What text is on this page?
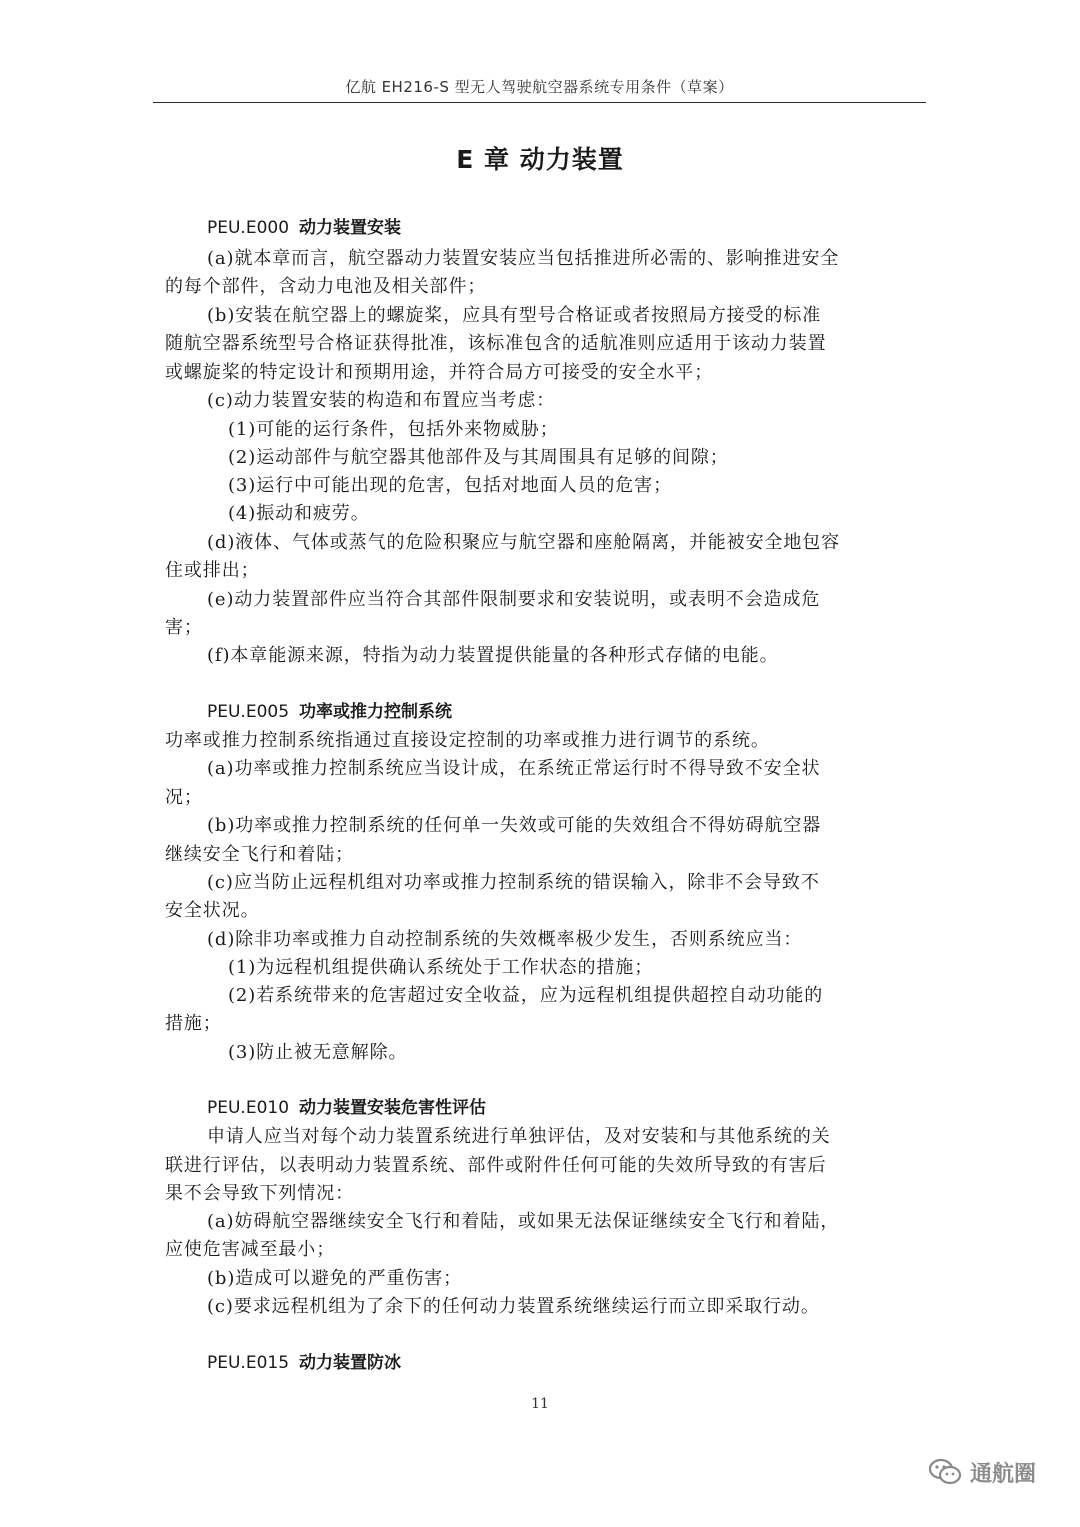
亿航 EH216-S 型无人驾驶航空器系统专用条件（草案）
E 章 动力装置
PEU.E000 动力装置安装
(a)就本章而言，航空器动力装置安装应当包括推进所必需的、影响推进安全
的每个部件，含动力电池及相关部件；
(b)安装在航空器上的螺旋桨，应具有型号合格证或者按照局方接受的标准
随航空器系统型号合格证获得批准，该标准包含的适航准则应适用于该动力装置
或螺旋桨的特定设计和预期用途，并符合局方可接受的安全水平；
(c)动力装置安装的构造和布置应当考虑：
(1)可能的运行条件，包括外来物威胁；
(2)运动部件与航空器其他部件及与其周围具有足够的间隙；
(3)运行中可能出现的危害，包括对地面人员的危害；
(4)振动和疲劳。
(d)液体、气体或蒸气的危险积聚应与航空器和座舱隔离，并能被安全地包容
住或排出；
(e)动力装置部件应当符合其部件限制要求和安装说明，或表明不会造成危
害；
(f)本章能源来源，特指为动力装置提供能量的各种形式存储的电能。
PEU.E005 功率或推力控制系统
功率或推力控制系统指通过直接设定控制的功率或推力进行调节的系统。
(a)功率或推力控制系统应当设计成，在系统正常运行时不得导致不安全状
况；
(b)功率或推力控制系统的任何单一失效或可能的失效组合不得妨碍航空器
继续安全飞行和着陆；
(c)应当防止远程机组对功率或推力控制系统的错误输入，除非不会导致不
安全状况。
(d)除非功率或推力自动控制系统的失效概率极少发生，否则系统应当：
(1)为远程机组提供确认系统处于工作状态的措施；
(2)若系统带来的危害超过安全收益，应为远程机组提供超控自动功能的
措施；
(3)防止被无意解除。
PEU.E010 动力装置安装危害性评估
申请人应当对每个动力装置系统进行单独评估，及对安装和与其他系统的关
联进行评估，以表明动力装置系统、部件或附件任何可能的失效所导致的有害后
果不会导致下列情况：
(a)妨碍航空器继续安全飞行和着陆，或如果无法保证继续安全飞行和着陆，
应使危害减至最小；
(b)造成可以避免的严重伤害；
(c)要求远程机组为了余下的任何动力装置系统继续运行而立即采取行动。
PEU.E015 动力装置防冰
11
通航圈
